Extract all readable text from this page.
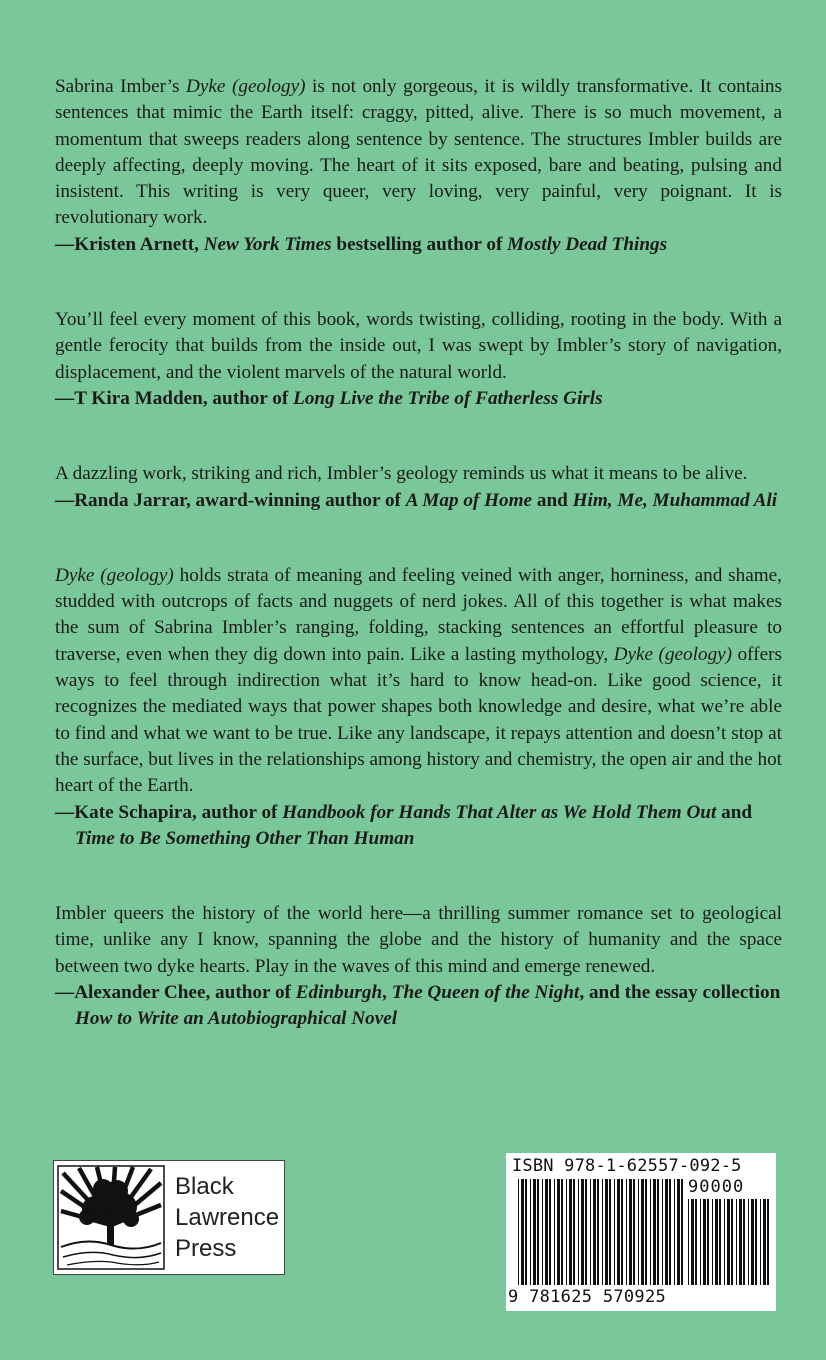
Sabrina Imber’s Dyke (geology) is not only gorgeous, it is wildly transformative. It contains sentences that mimic the Earth itself: craggy, pitted, alive. There is so much movement, a momentum that sweeps readers along sentence by sentence. The structures Imbler builds are deeply affecting, deeply moving. The heart of it sits exposed, bare and beating, pulsing and insistent. This writing is very queer, very loving, very painful, very poignant. It is revolutionary work.

—Kristen Arnett, New York Times bestselling author of Mostly Dead Things

You’ll feel every moment of this book, words twisting, colliding, rooting in the body. With a gentle ferocity that builds from the inside out, I was swept by Imbler’s story of navigation, displacement, and the violent marvels of the natural world.

—T Kira Madden, author of Long Live the Tribe of Fatherless Girls

A dazzling work, striking and rich, Imbler’s geology reminds us what it means to be alive.

—Randa Jarrar, award-winning author of A Map of Home and Him, Me, Muhammad Ali

Dyke (geology) holds strata of meaning and feeling veined with anger, horniness, and shame, studded with outcrops of facts and nuggets of nerd jokes. All of this together is what makes the sum of Sabrina Imbler’s ranging, folding, stacking sentences an effortful pleasure to traverse, even when they dig down into pain. Like a lasting mythology, Dyke (geology) offers ways to feel through indirection what it’s hard to know head-on. Like good science, it recognizes the mediated ways that power shapes both knowledge and desire, what we’re able to find and what we want to be true. Like any landscape, it repays attention and doesn’t stop at the surface, but lives in the relationships among history and chemistry, the open air and the hot heart of the Earth.

—Kate Schapira, author of Handbook for Hands That Alter as We Hold Them Out and Time to Be Something Other Than Human

Imbler queers the history of the world here—a thrilling summer romance set to geological time, unlike any I know, spanning the globe and the history of humanity and the space between two dyke hearts. Play in the waves of this mind and emerge renewed.

—Alexander Chee, author of Edinburgh, The Queen of the Night, and the essay collection How to Write an Autobiographical Novel
Black
Lawrence
Press
ISBN 978-1-62557-092-5
90000
9 781625 570925
